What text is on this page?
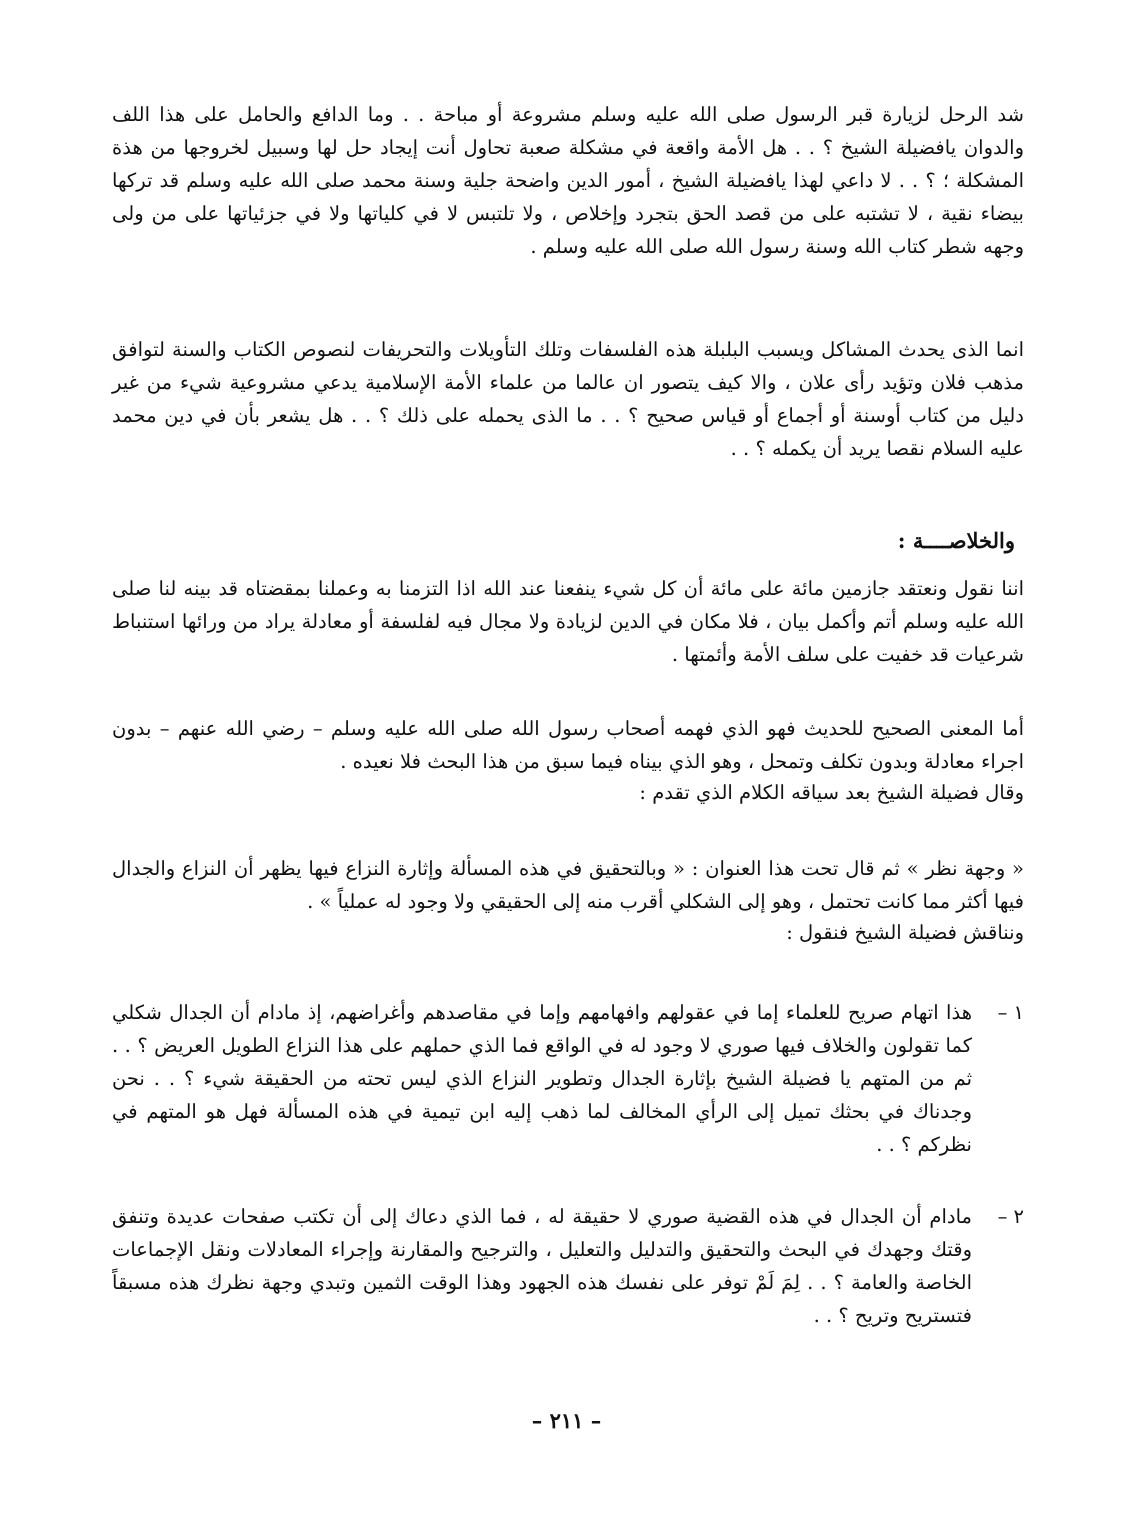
شد الرحل لزيارة قبر الرسول صلى الله عليه وسلم مشروعة أو مباحة . . وما الدافع والحامل على هذا اللف والدوان يافضيلة الشيخ ؟ . . هل الأمة واقعة في مشكلة صعبة تحاول أنت إيجاد حل لها وسبيل لخروجها من هذة المشكلة ؛ ؟ . . لا داعي لهذا يافضيلة الشيخ ، أمور الدين واضحة جلية وسنة محمد صلى الله عليه وسلم قد تركها بيضاء نقية ، لا تشتبه على من قصد الحق بتجرد وإخلاص ، ولا تلتبس لا في كلياتها ولا في جزئياتها على من ولى وجهه شطر كتاب الله وسنة رسول الله صلى الله عليه وسلم .
انما الذى يحدث المشاكل ويسبب البلبلة هذه الفلسفات وتلك التأويلات والتحريفات لنصوص الكتاب والسنة لتوافق مذهب فلان وتؤيد رأى علان ، والا كيف يتصور ان عالما من علماء الأمة الإسلامية يدعي مشروعية شيء من غير دليل من كتاب أوسنة أو أجماع أو قياس صحيح ؟ . . ما الذى يحمله على ذلك ؟ . . هل يشعر بأن في دين محمد عليه السلام نقصا يريد أن يكمله ؟ . .
والخلاصــــة :
اننا نقول ونعتقد جازمين مائة على مائة أن كل شيء ينفعنا عند الله اذا التزمنا به وعملنا بمقضتاه قد بينه لنا صلى الله عليه وسلم أتم وأكمل بيان ، فلا مكان في الدين لزيادة ولا مجال فيه لفلسفة أو معادلة يراد من ورائها استنباط شرعيات قد خفيت على سلف الأمة وأئمتها .
أما المعنى الصحيح للحديث فهو الذي فهمه أصحاب رسول الله صلى الله عليه وسلم – رضي الله عنهم – بدون اجراء معادلة وبدون تكلف وتمحل ، وهو الذي بيناه فيما سبق من هذا البحث فلا نعيده .
وقال فضيلة الشيخ بعد سياقه الكلام الذي تقدم :
« وجهة نظر » ثم قال تحت هذا العنوان : « وبالتحقيق في هذه المسألة وإثارة النزاع فيها يظهر أن النزاع والجدال فيها أكثر مما كانت تحتمل ، وهو إلى الشكلي أقرب منه إلى الحقيقي ولا وجود له عملياً » .
ونناقش فضيلة الشيخ فنقول :
١ –
هذا اتهام صريح للعلماء إما في عقولهم وافهامهم وإما في مقاصدهم وأغراضهم، إذ مادام أن الجدال شكلي كما تقولون والخلاف فيها صوري لا وجود له في الواقع فما الذي حملهم على هذا النزاع الطويل العريض ؟ . . ثم من المتهم يا فضيلة الشيخ بإثارة الجدال وتطوير النزاع الذي ليس تحته من الحقيقة شيء ؟ . . نحن وجدناك في بحثك تميل إلى الرأي المخالف لما ذهب إليه ابن تيمية في هذه المسألة فهل هو المتهم في نظركم ؟ . .
٢ –
مادام أن الجدال في هذه القضية صوري لا حقيقة له ، فما الذي دعاك إلى أن تكتب صفحات عديدة وتنفق وقتك وجهدك في البحث والتحقيق والتدليل والتعليل ، والترجيح والمقارنة وإجراء المعادلات ونقل الإجماعات الخاصة والعامة ؟ . . لِمَ لَمْ توفر على نفسك هذه الجهود وهذا الوقت الثمين وتبدي وجهة نظرك هذه مسبقاً فتستريح وتريح ؟ . .
– ٢١١ –
